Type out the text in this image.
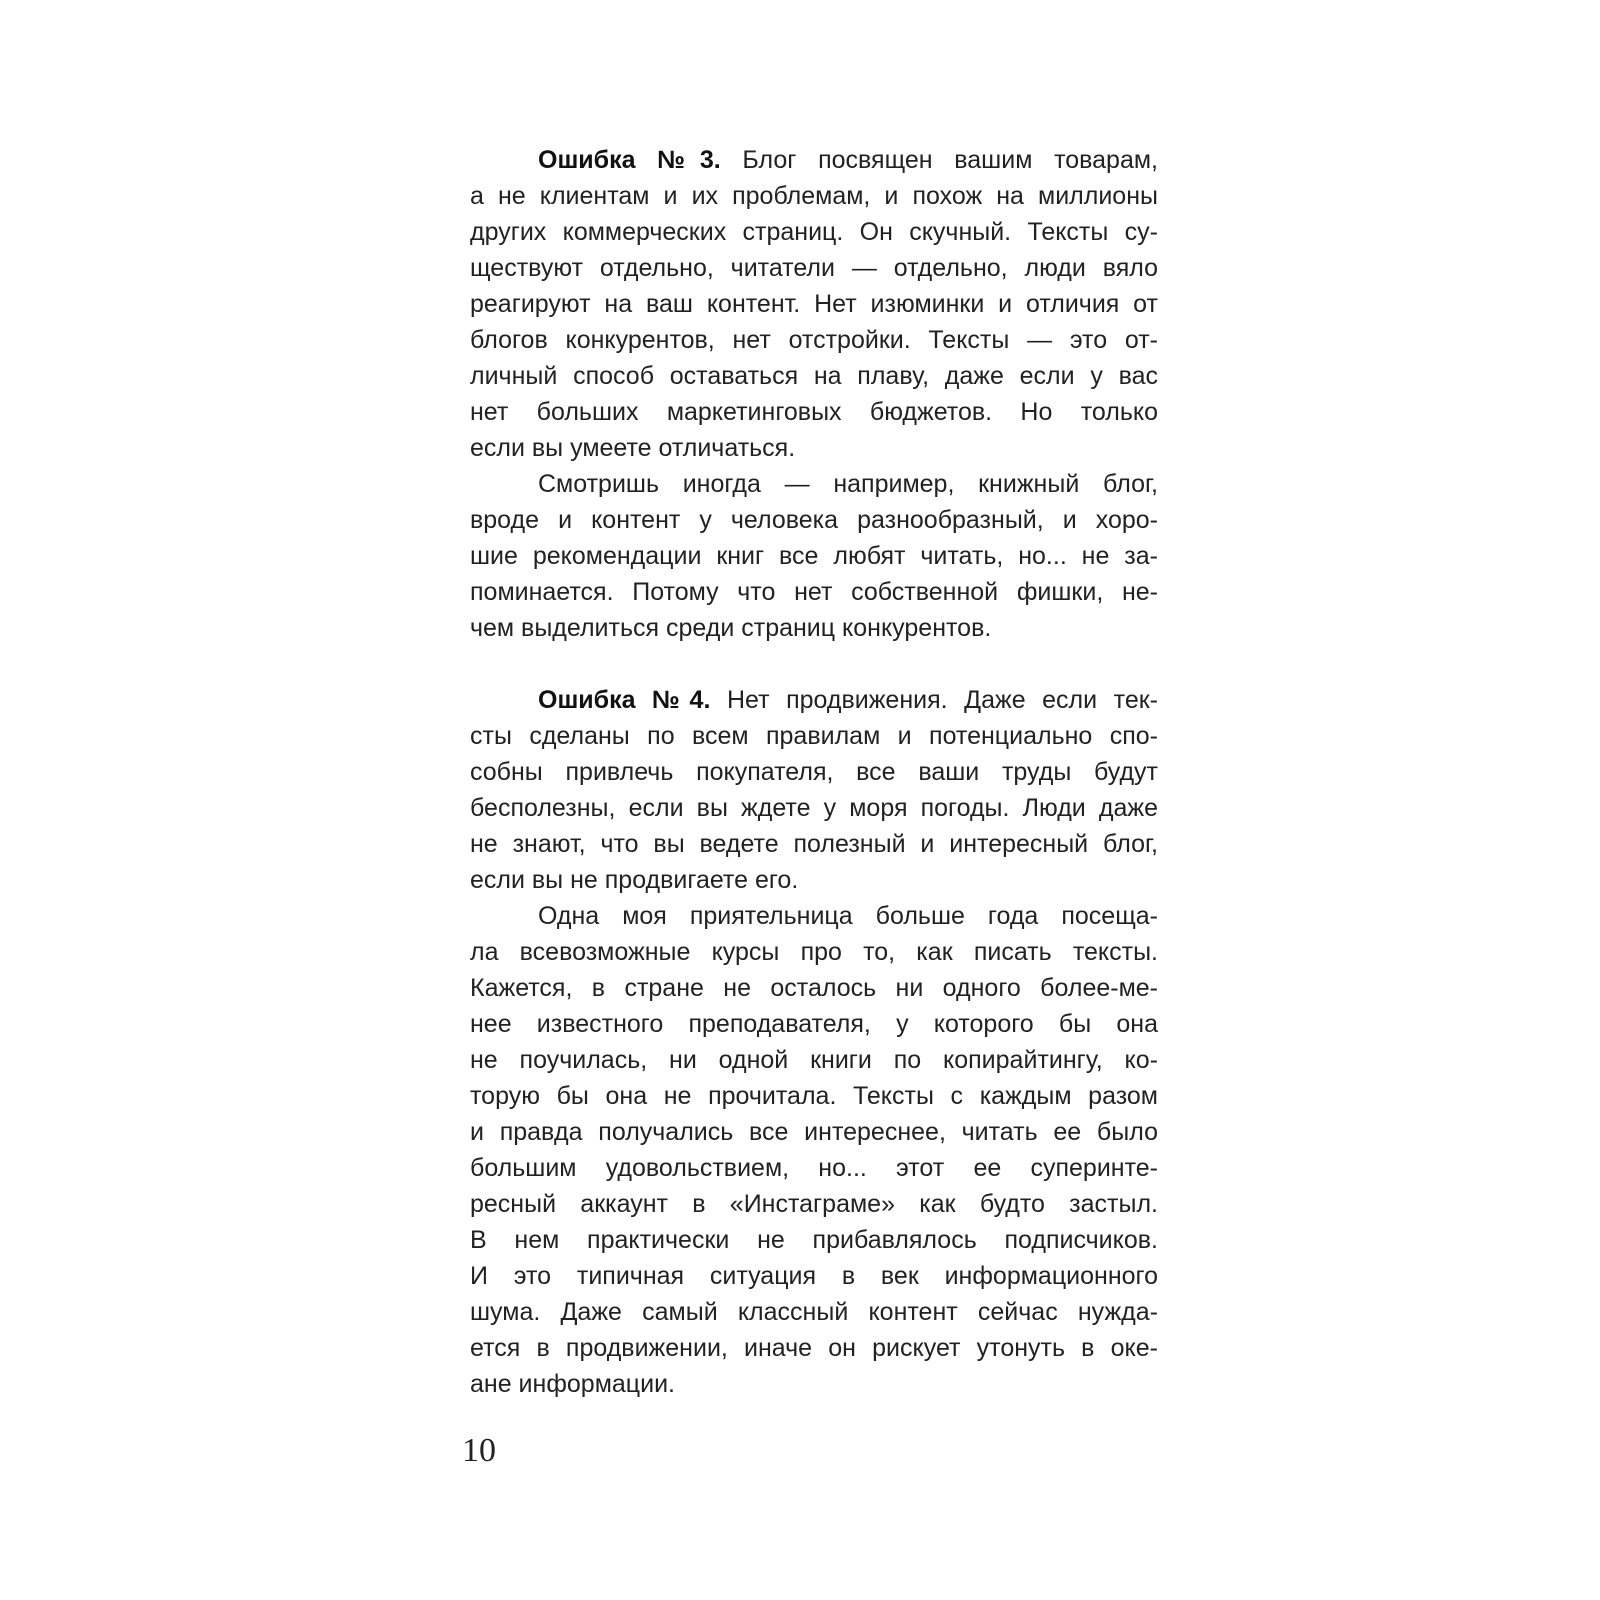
Ошибка №3. Блог посвящен вашим товарам,
а не клиентам и их проблемам, и похож на миллионы
других коммерческих страниц. Он скучный. Тексты су-
ществуют отдельно, читатели — отдельно, люди вяло
реагируют на ваш контент. Нет изюминки и отличия от
блогов конкурентов, нет отстройки. Тексты — это от-
личный способ оставаться на плаву, даже если у вас
нет больших маркетинговых бюджетов. Но только
если вы умеете отличаться.
Смотришь иногда — например, книжный блог,
вроде и контент у человека разнообразный, и хоро-
шие рекомендации книг все любят читать, но... не за-
поминается. Потому что нет собственной фишки, не-
чем выделиться среди страниц конкурентов.
Ошибка №4. Нет продвижения. Даже если тек-
сты сделаны по всем правилам и потенциально спо-
собны привлечь покупателя, все ваши труды будут
бесполезны, если вы ждете у моря погоды. Люди даже
не знают, что вы ведете полезный и интересный блог,
если вы не продвигаете его.
Одна моя приятельница больше года посеща-
ла всевозможные курсы про то, как писать тексты.
Кажется, в стране не осталось ни одного более-ме-
нее известного преподавателя, у которого бы она
не поучилась, ни одной книги по копирайтингу, ко-
торую бы она не прочитала. Тексты с каждым разом
и правда получались все интереснее, читать ее было
большим удовольствием, но... этот ее суперинте-
ресный аккаунт в «Инстаграме» как будто застыл.
В нем практически не прибавлялось подписчиков.
И это типичная ситуация в век информационного
шума. Даже самый классный контент сейчас нужда-
ется в продвижении, иначе он рискует утонуть в оке-
ане информации.
10
